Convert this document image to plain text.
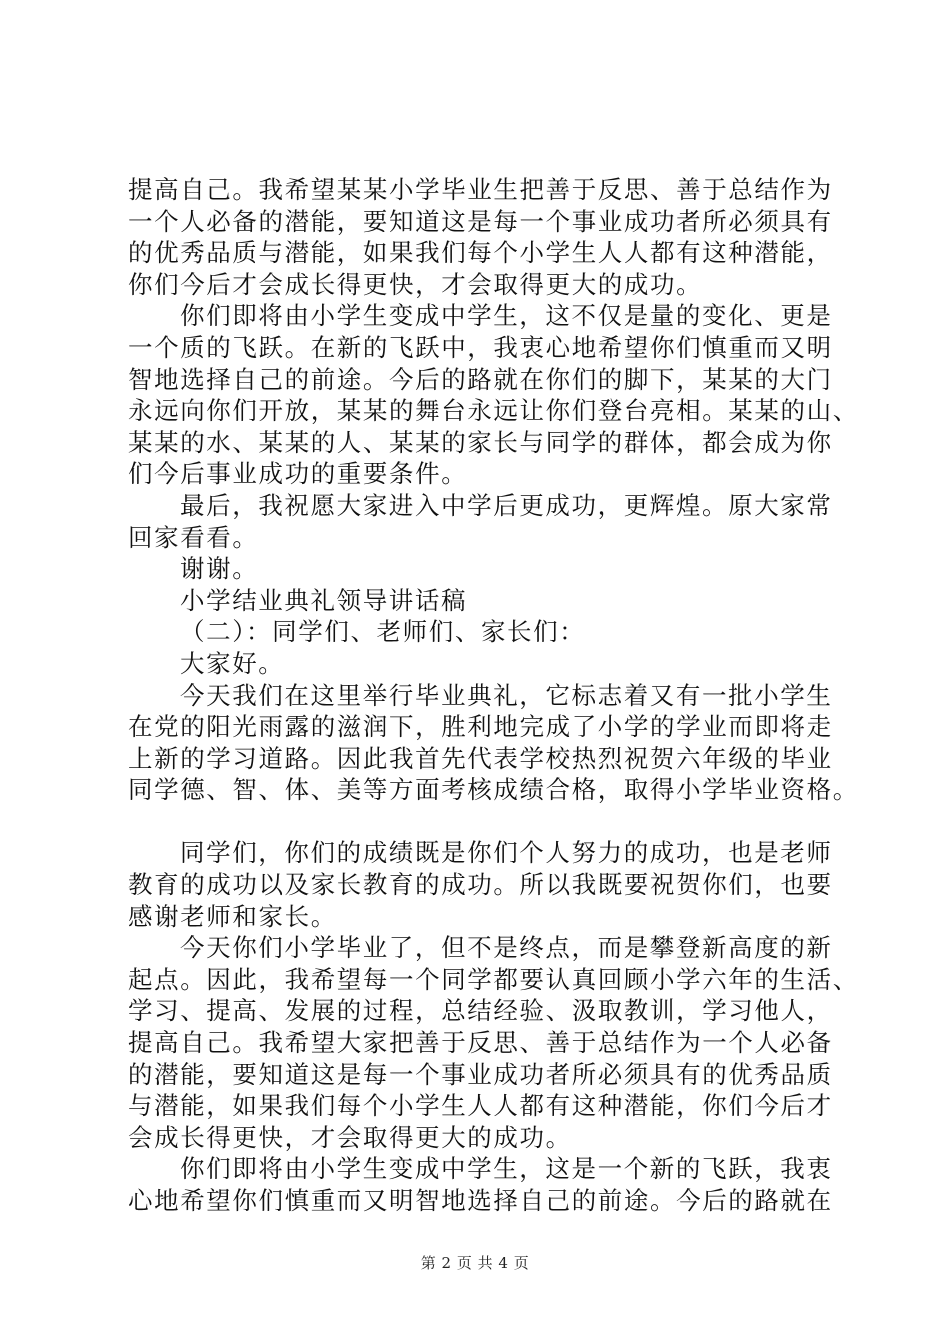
提高自己。我希望某某小学毕业生把善于反思、善于总结作为
一个人必备的潜能，要知道这是每一个事业成功者所必须具有
的优秀品质与潜能，如果我们每个小学生人人都有这种潜能，
你们今后才会成长得更快，才会取得更大的成功。
你们即将由小学生变成中学生，这不仅是量的变化、更是
一个质的飞跃。在新的飞跃中，我衷心地希望你们慎重而又明
智地选择自己的前途。今后的路就在你们的脚下，某某的大门
永远向你们开放，某某的舞台永远让你们登台亮相。某某的山、
某某的水、某某的人、某某的家长与同学的群体，都会成为你
们今后事业成功的重要条件。
最后，我祝愿大家进入中学后更成功，更辉煌。原大家常
回家看看。
谢谢。
小学结业典礼领导讲话稿
（二）：同学们、老师们、家长们：
大家好。
今天我们在这里举行毕业典礼，它标志着又有一批小学生
在党的阳光雨露的滋润下，胜利地完成了小学的学业而即将走
上新的学习道路。因此我首先代表学校热烈祝贺六年级的毕业
同学德、智、体、美等方面考核成绩合格，取得小学毕业资格。
同学们，你们的成绩既是你们个人努力的成功，也是老师
教育的成功以及家长教育的成功。所以我既要祝贺你们，也要
感谢老师和家长。
今天你们小学毕业了，但不是终点，而是攀登新高度的新
起点。因此，我希望每一个同学都要认真回顾小学六年的生活、
学习、提高、发展的过程，总结经验、汲取教训，学习他人，
提高自己。我希望大家把善于反思、善于总结作为一个人必备
的潜能，要知道这是每一个事业成功者所必须具有的优秀品质
与潜能，如果我们每个小学生人人都有这种潜能，你们今后才
会成长得更快，才会取得更大的成功。
你们即将由小学生变成中学生，这是一个新的飞跃，我衷
心地希望你们慎重而又明智地选择自己的前途。今后的路就在
第 2 页 共 4 页
